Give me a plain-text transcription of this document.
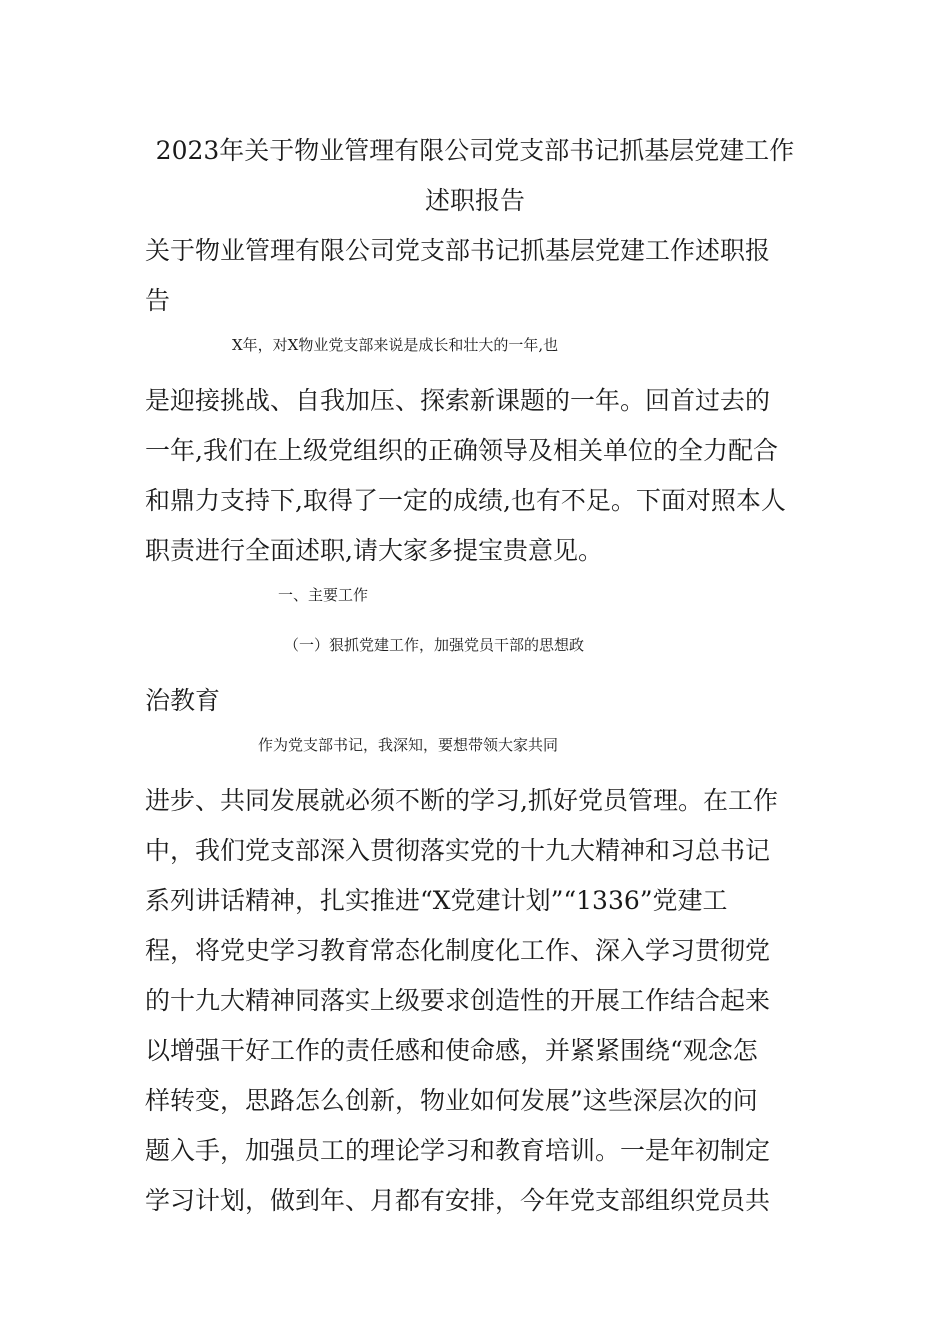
2023年关于物业管理有限公司党支部书记抓基层党建工作
述职报告
关于物业管理有限公司党支部书记抓基层党建工作述职报
告
X年，对X物业党支部来说是成长和壮大的一年,也
是迎接挑战、自我加压、探索新课题的一年。回首过去的
一年,我们在上级党组织的正确领导及相关单位的全力配合
和鼎力支持下,取得了一定的成绩,也有不足。下面对照本人
职责进行全面述职,请大家多提宝贵意见。
一、主要工作
（一）狠抓党建工作，加强党员干部的思想政
治教育
作为党支部书记，我深知，要想带领大家共同
进步、共同发展就必须不断的学习,抓好党员管理。在工作
中，我们党支部深入贯彻落实党的十九大精神和习总书记
系列讲话精神，扎实推进“X党建计划”“1336”党建工
程，将党史学习教育常态化制度化工作、深入学习贯彻党
的十九大精神同落实上级要求创造性的开展工作结合起来
以增强干好工作的责任感和使命感，并紧紧围绕“观念怎
样转变，思路怎么创新，物业如何发展”这些深层次的问
题入手，加强员工的理论学习和教育培训。一是年初制定
学习计划，做到年、月都有安排，今年党支部组织党员共
